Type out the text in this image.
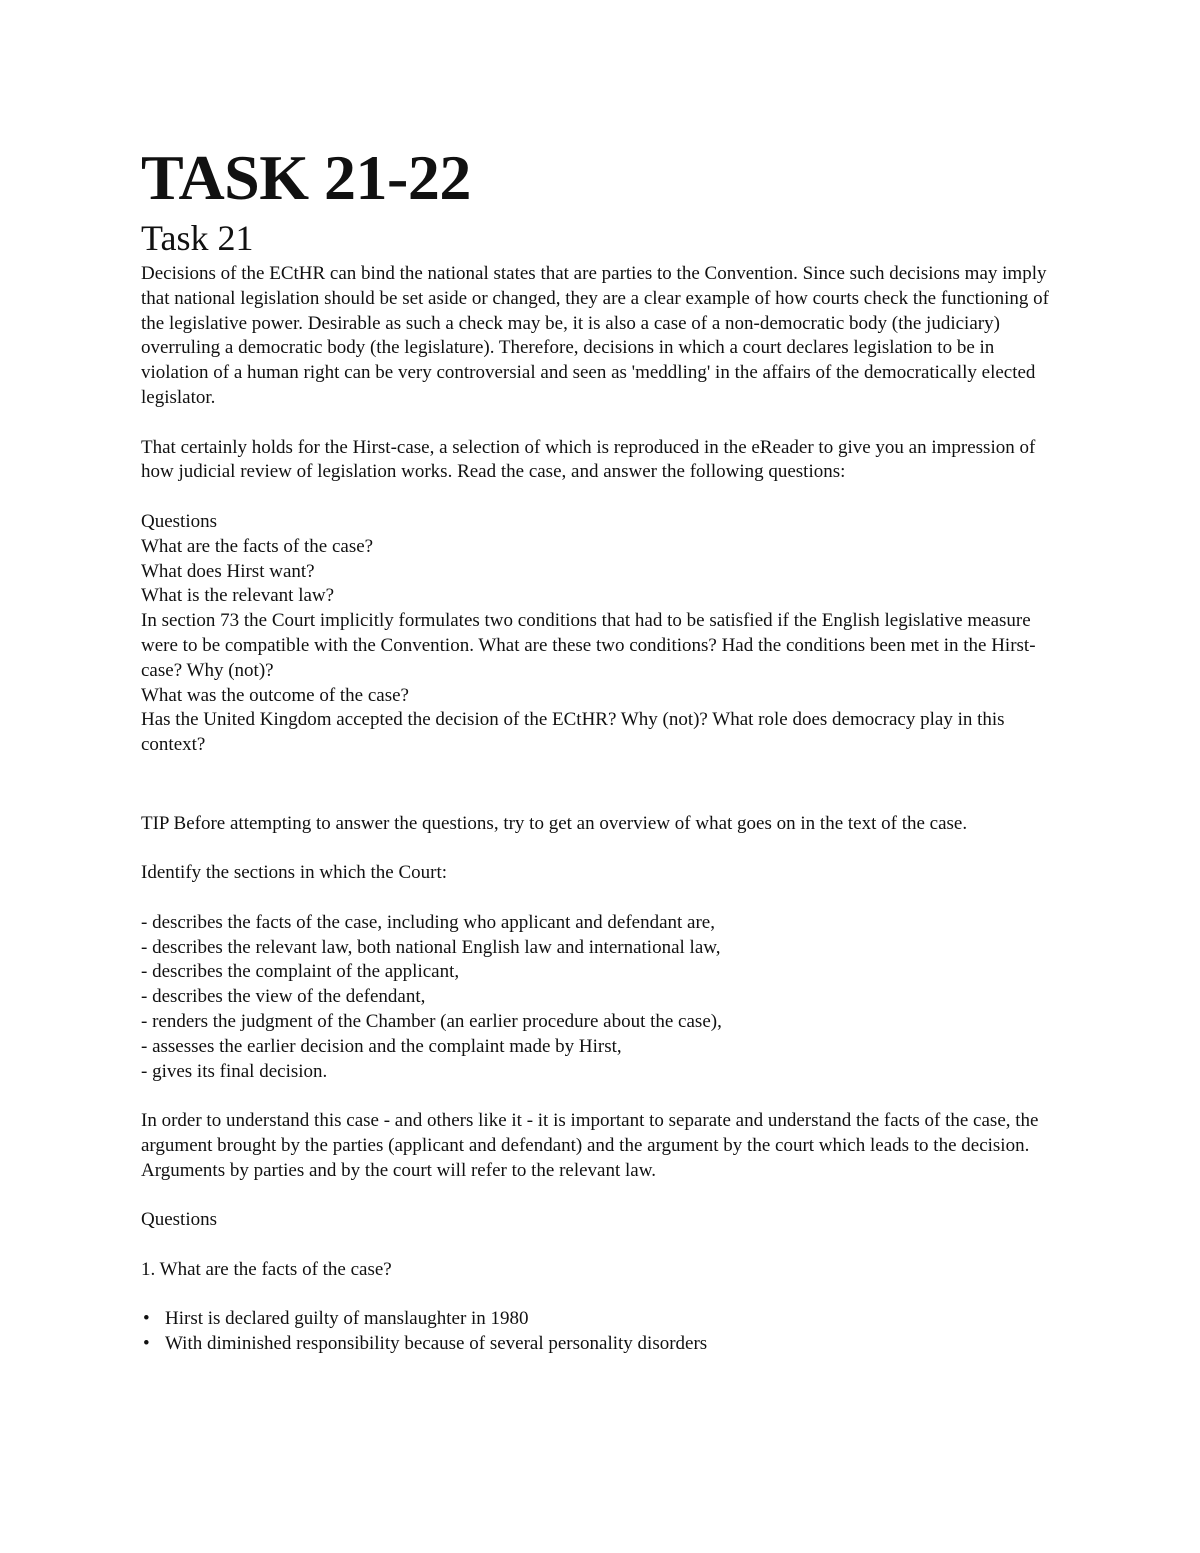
TASK 21-22
Task 21

Decisions of the ECtHR can bind the national states that are parties to the Convention. Since such decisions may imply that national legislation should be set aside or changed, they are a clear example of how courts check the functioning of the legislative power. Desirable as such a check may be, it is also a case of a non-democratic body (the judiciary) overruling a democratic body (the legislature). Therefore, decisions in which a court declares legislation to be in violation of a human right can be very controversial and seen as 'meddling' in the affairs of the democratically elected legislator.

That certainly holds for the Hirst-case, a selection of which is reproduced in the eReader to give you an impression of how judicial review of legislation works. Read the case, and answer the following questions:

Questions

What are the facts of the case?
What does Hirst want?
What is the relevant law?
In section 73 the Court implicitly formulates two conditions that had to be satisfied if the English legislative measure were to be compatible with the Convention. What are these two conditions? Had the conditions been met in the Hirst-case? Why (not)?
What was the outcome of the case?
Has the United Kingdom accepted the decision of the ECtHR? Why (not)? What role does democracy play in this context?

TIP Before attempting to answer the questions, try to get an overview of what goes on in the text of the case.

Identify the sections in which the Court:

- describes the facts of the case, including who applicant and defendant are,
- describes the relevant law, both national English law and international law,
- describes the complaint of the applicant,
- describes the view of the defendant,
- renders the judgment of the Chamber (an earlier procedure about the case),
- assesses the earlier decision and the complaint made by Hirst,
- gives its final decision.

In order to understand this case - and others like it - it is important to separate and understand the facts of the case, the argument brought by the parties (applicant and defendant) and the argument by the court which leads to the decision. Arguments by parties and by the court will refer to the relevant law.

Questions

1. What are the facts of the case?

• Hirst is declared guilty of manslaughter in 1980
• With diminished responsibility because of several personality disorders
